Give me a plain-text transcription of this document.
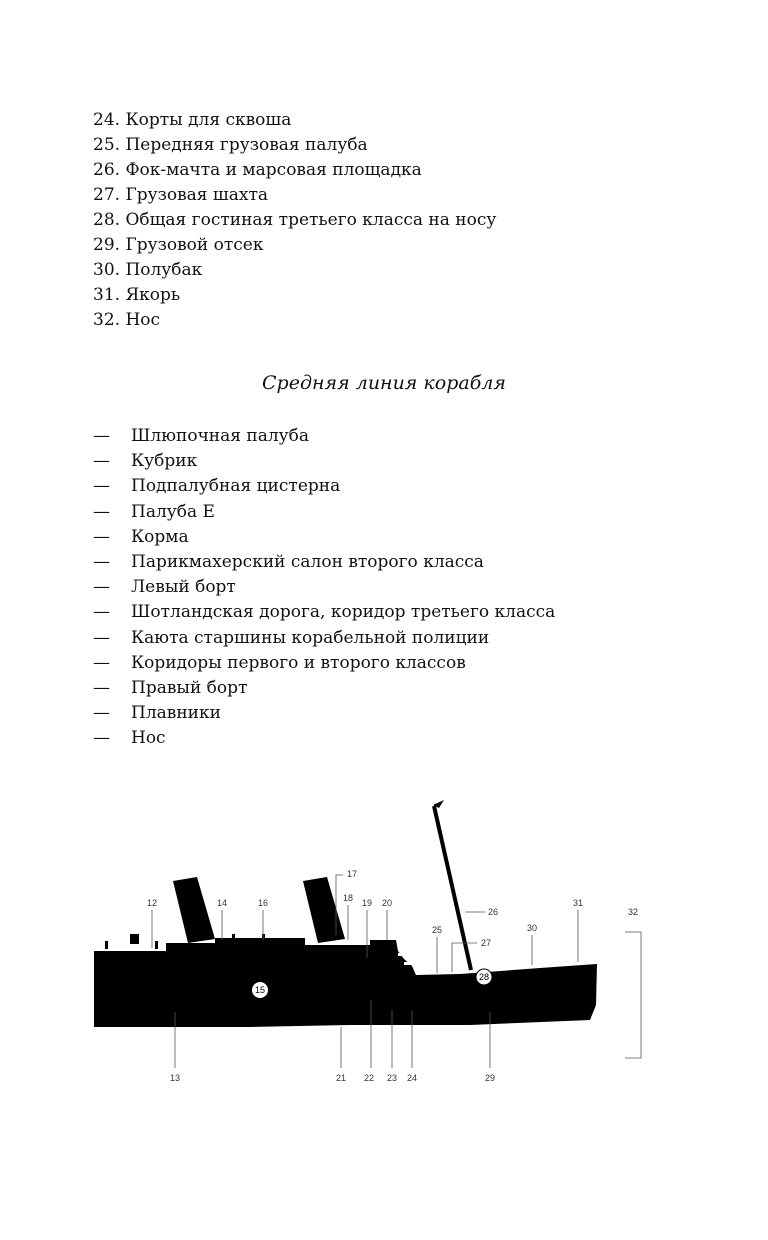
24. Корты для сквоша
25. Передняя грузовая палуба
26. Фок-мачта и марсовая площадка
27. Грузовая шахта
28. Общая гостиная третьего класса на носу
29. Грузовой отсек
30. Полубак
31. Якорь
32. Нос
Средняя линия корабля
— Шлюпочная палуба
— Кубрик
— Подпалубная цистерна
— Палуба Е
— Корма
— Парикмахерский салон второго класса
— Левый борт
— Шотландская дорога, коридор третьего класса
— Каюта старшины корабельной полиции
— Коридоры первого и второго классов
— Правый борт
— Плавники
— Нос
12
13
14
15
16
17
18 19 20
21 22 23 24
25
26
27
28
29
30
31
32
